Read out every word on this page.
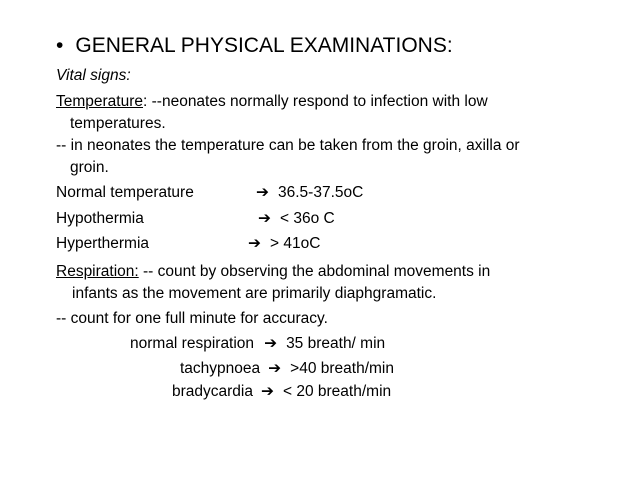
• GENERAL PHYSICAL EXAMINATIONS:
Vital signs:
Temperature: --neonates normally respond to infection with low
temperatures.
-- in neonates the temperature can be taken from the groin, axilla or
groin.
Normal temperature	➔ 36.5-37.5oC
Hypothermia	➔ < 36o C
Hyperthermia	➔ > 41oC
Respiration: -- count by observing the abdominal movements in
infants as the movement are primarily diaphgramatic.
-- count for one full minute for accuracy.
normal respiration ➔ 35 breath/ min
tachypnoea ➔ >40 breath/min
bradycardia ➔ < 20 breath/min
